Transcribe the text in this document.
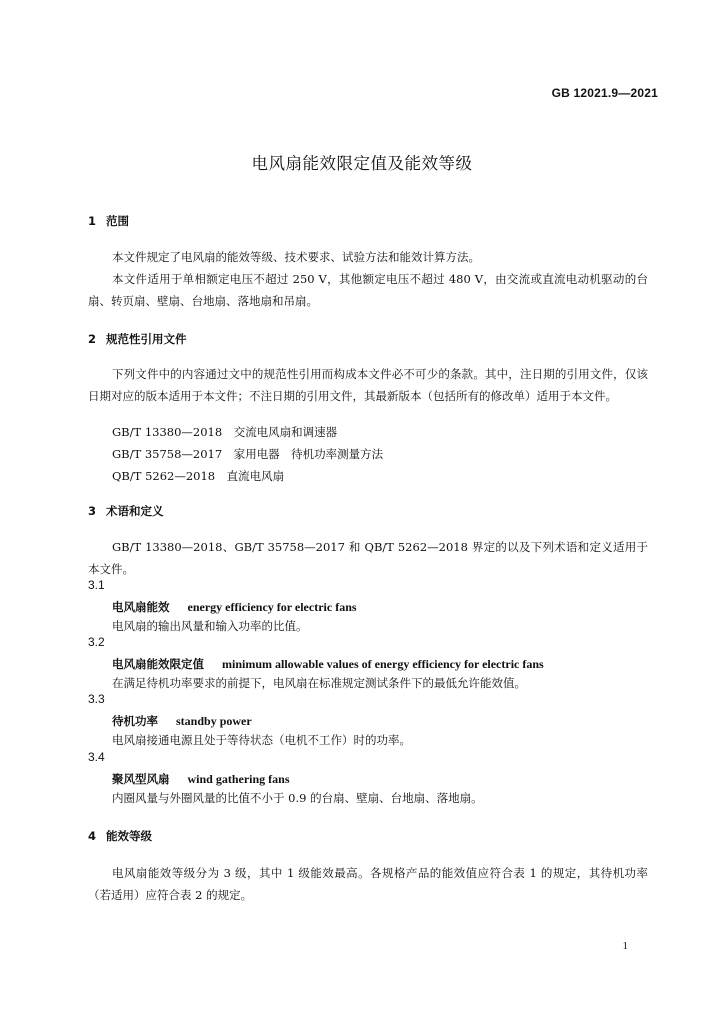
GB 12021.9—2021
电风扇能效限定值及能效等级
1 范围
本文件规定了电风扇的能效等级、技术要求、试验方法和能效计算方法。
本文件适用于单相额定电压不超过 250 V，其他额定电压不超过 480 V，由交流或直流电动机驱动的台扇、转页扇、壁扇、台地扇、落地扇和吊扇。
2 规范性引用文件
下列文件中的内容通过文中的规范性引用而构成本文件必不可少的条款。其中，注日期的引用文件，仅该日期对应的版本适用于本文件；不注日期的引用文件，其最新版本（包括所有的修改单）适用于本文件。
GB/T 13380—2018　交流电风扇和调速器
GB/T 35758—2017　家用电器　待机功率测量方法
QB/T 5262—2018　直流电风扇
3 术语和定义
GB/T 13380—2018、GB/T 35758—2017 和 QB/T 5262—2018 界定的以及下列术语和定义适用于本文件。
3.1
电风扇能效 energy efficiency for electric fans
电风扇的输出风量和输入功率的比值。
3.2
电风扇能效限定值 minimum allowable values of energy efficiency for electric fans
在满足待机功率要求的前提下，电风扇在标准规定测试条件下的最低允许能效值。
3.3
待机功率 standby power
电风扇接通电源且处于等待状态（电机不工作）时的功率。
3.4
聚风型风扇 wind gathering fans
内圈风量与外圈风量的比值不小于 0.9 的台扇、壁扇、台地扇、落地扇。
4 能效等级
电风扇能效等级分为 3 级，其中 1 级能效最高。各规格产品的能效值应符合表 1 的规定，其待机功率（若适用）应符合表 2 的规定。
1
